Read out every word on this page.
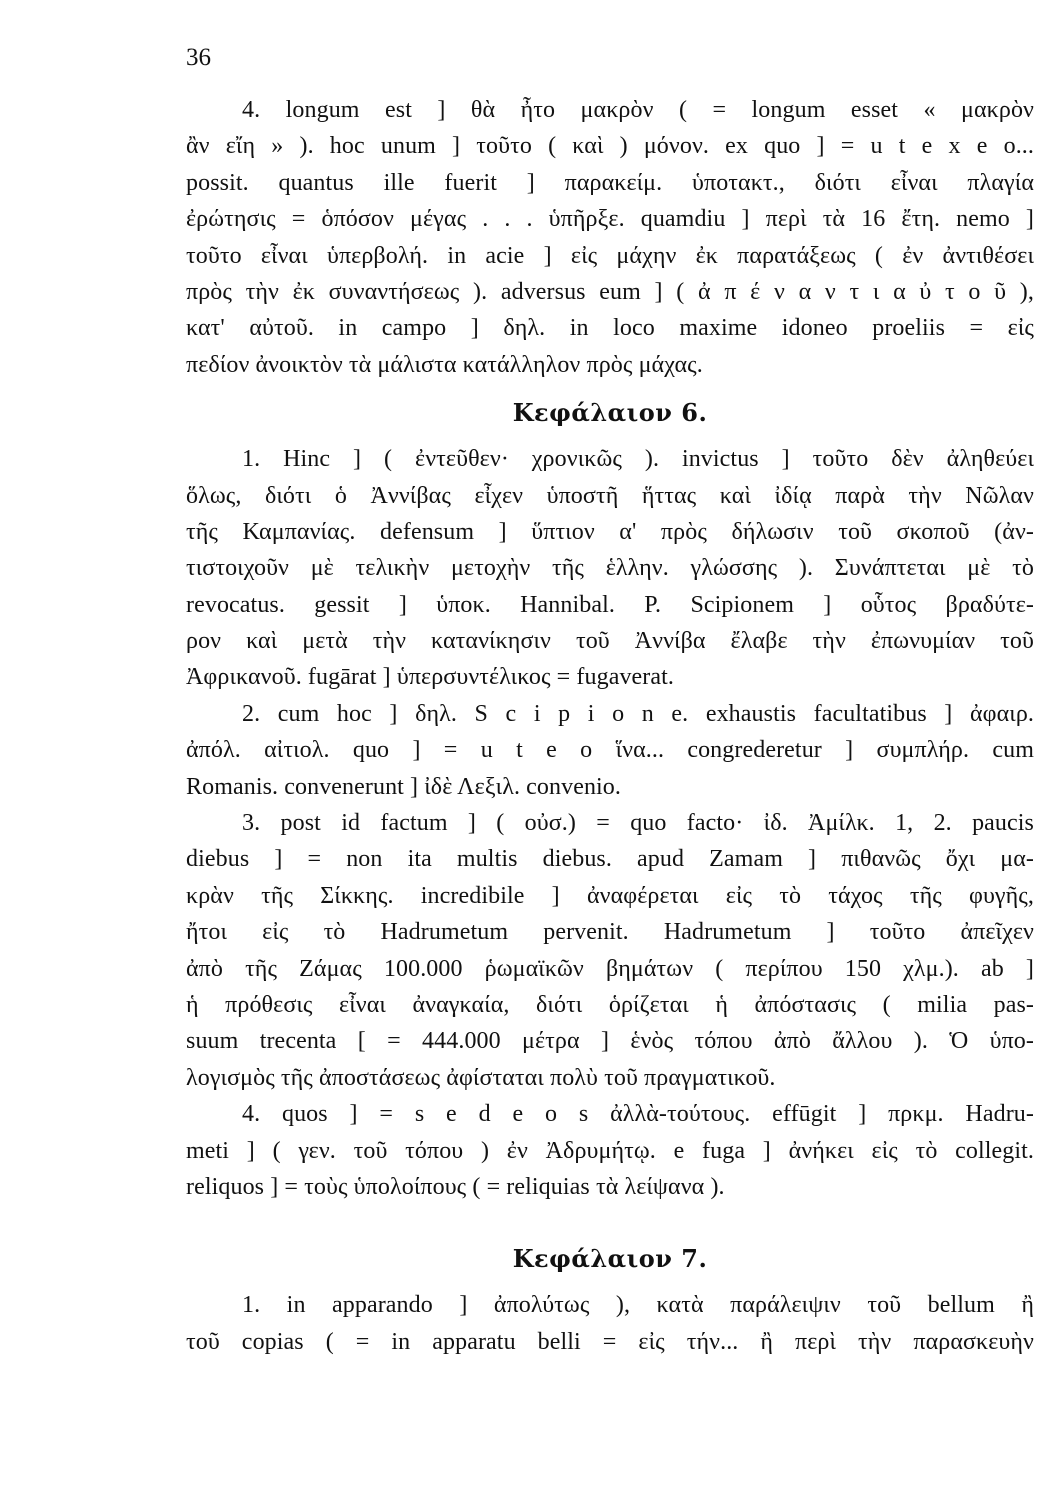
36
4. longum est ] θὰ ἦτο μακρὸν ( = longum esset « μακρὸν
ἂν εἴη » ). hoc unum ] τοῦτο ( καὶ ) μόνον. ex quo ] = u t e x e o...
possit. quantus ille fuerit ] παρακείμ. ὑποτακτ., διότι εἶναι πλαγία
ἐρώτησις = ὁπόσον μέγας . . . ὑπῆρξε. quamdiu ] περὶ τὰ 16 ἔτη. nemo ]
τοῦτο εἶναι ὑπερβολή. in acie ] εἰς μάχην ἐκ παρατάξεως ( ἐν ἀντιθέσει
πρὸς τὴν ἐκ συναντήσεως ). adversus eum ] ( ἀ π έ ν α ν τ ι α ὐ τ ο ῦ ),
κατ' αὐτοῦ. in campo ] δηλ. in loco maxime idoneo proeliis = εἰς
πεδίον ἀνοικτὸν τὰ μάλιστα κατάλληλον πρὸς μάχας.
Κεφάλαιον 6.
1. Hinc ] ( ἐντεῦθεν· χρονικῶς ). invictus ] τοῦτο δὲν ἀληθεύει
ὅλως, διότι ὁ Ἀννίβας εἶχεν ὑποστῆ ἥττας καὶ ἰδίᾳ παρὰ τὴν Νῶλαν
τῆς Καμπανίας. defensum ] ὕπτιον α' πρὸς δήλωσιν τοῦ σκοποῦ (ἀν-
τιστοιχοῦν μὲ τελικὴν μετοχὴν τῆς ἑλλην. γλώσσης ). Συνάπτεται μὲ τὸ
revocatus. gessit ] ὑποκ. Hannibal. P. Scipionem ] οὗτος βραδύτε-
ρον καὶ μετὰ τὴν κατανίκησιν τοῦ Ἀννίβα ἔλαβε τὴν ἐπωνυμίαν τοῦ
Ἀφρικανοῦ. fugārat ] ὑπερσυντέλικος = fugaverat.
2. cum hoc ] δηλ. S c i p i o n e. exhaustis facultatibus ] ἀφαιρ.
ἀπόλ. αἰτιολ. quo ] = u t e o ἵνα... congrederetur ] συμπλήρ. cum
Romanis. convenerunt ] ἰδὲ Λεξιλ. convenio.
3. post id factum ] ( οὐσ.) = quo facto· ἰδ. Ἀμίλκ. 1, 2. paucis
diebus ] = non ita multis diebus. apud Zamam ] πιθανῶς ὄχι μα-
κρὰν τῆς Σίκκης. incredibile ] ἀναφέρεται εἰς τὸ τάχος τῆς φυγῆς,
ἤτοι εἰς τὸ Hadrumetum pervenit. Hadrumetum ] τοῦτο ἀπεῖχεν
ἀπὸ τῆς Ζάμας 100.000 ῥωμαϊκῶν βημάτων ( περίπου 150 χλμ.). ab ]
ἡ πρόθεσις εἶναι ἀναγκαία, διότι ὁρίζεται ἡ ἀπόστασις ( milia pas-
suum trecenta [ = 444.000 μέτρα ] ἑνὸς τόπου ἀπὸ ἄλλου ). Ὁ ὑπο-
λογισμὸς τῆς ἀποστάσεως ἀφίσταται πολὺ τοῦ πραγματικοῦ.
4. quos ] = s e d e o s ἀλλὰ-τούτους. effūgit ] πρκμ. Hadru-
meti ] ( γεν. τοῦ τόπου ) ἐν Ἀδρυμήτῳ. e fuga ] ἀνήκει εἰς τὸ collegit.
reliquos ] = τοὺς ὑπολοίπους ( = reliquias τὰ λείψανα ).
Κεφάλαιον 7.
1. in apparando ] ἀπολύτως ), κατὰ παράλειψιν τοῦ bellum ἢ
τοῦ copias ( = in apparatu belli = εἰς τήν... ἢ περὶ τὴν παρασκευὴν
